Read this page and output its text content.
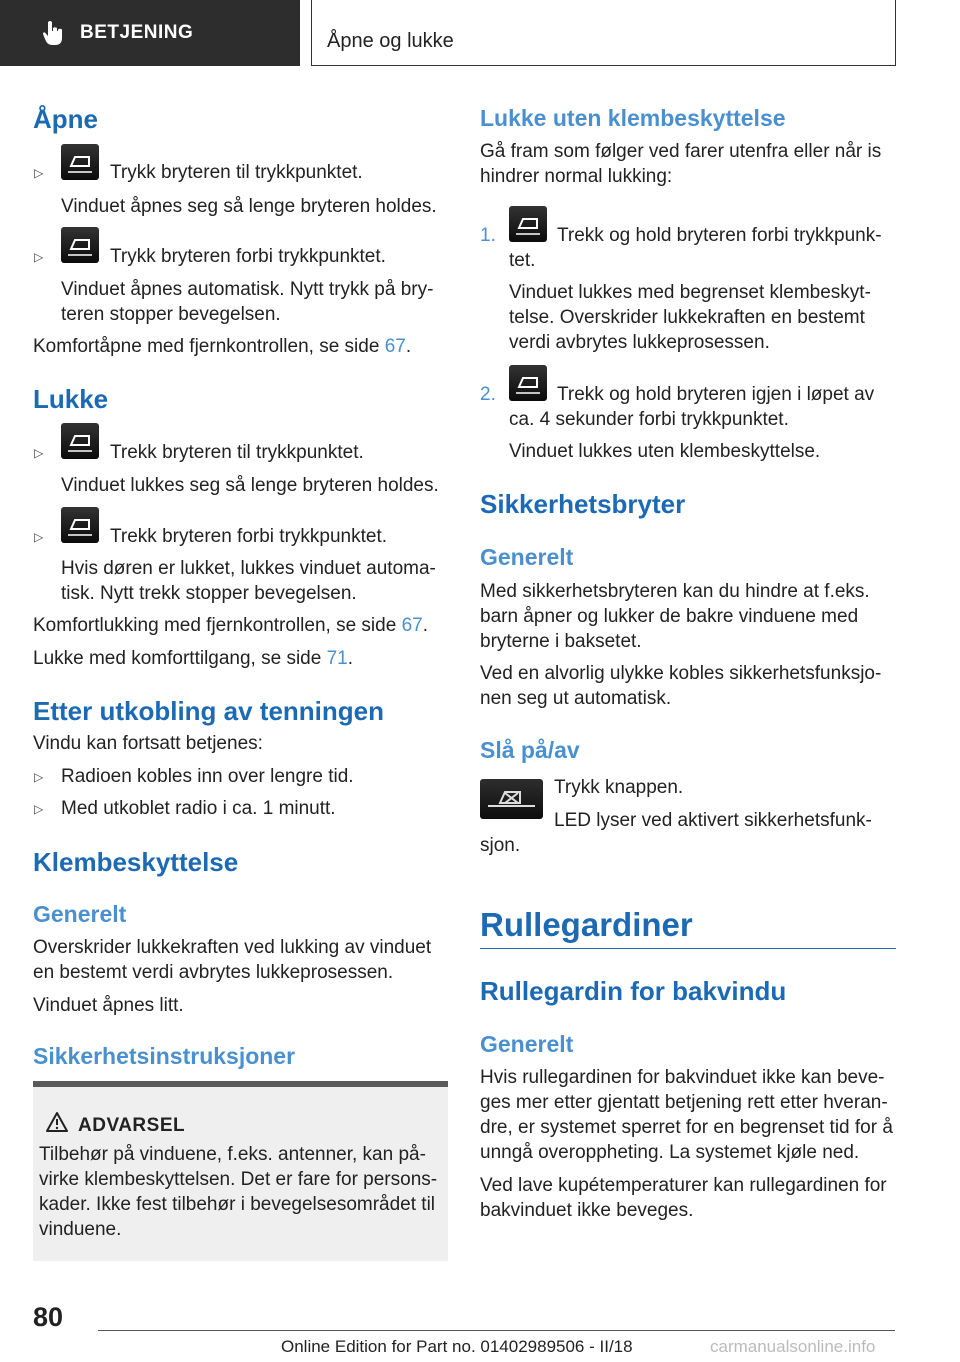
BETJENING	Åpne og lukke
Åpne
▷	Trykk bryteren til trykkpunktet.
Vinduet åpnes seg så lenge bryteren holdes.
▷	Trykk bryteren forbi trykkpunktet.
Vinduet åpnes automatisk. Nytt trykk på bry-
teren stopper bevegelsen.
Komfortåpne med fjernkontrollen, se side 67.
Lukke
▷	Trekk bryteren til trykkpunktet.
Vinduet lukkes seg så lenge bryteren holdes.
▷	Trekk bryteren forbi trykkpunktet.
Hvis døren er lukket, lukkes vinduet automa-
tisk. Nytt trekk stopper bevegelsen.
Komfortlukking med fjernkontrollen, se side 67.
Lukke med komforttilgang, se side 71.
Etter utkobling av tenningen
Vindu kan fortsatt betjenes:
▷ Radioen kobles inn over lengre tid.
▷ Med utkoblet radio i ca. 1 minutt.
Klembeskyttelse
Generelt
Overskrider lukkekraften ved lukking av vinduet
en bestemt verdi avbrytes lukkeprosessen.
Vinduet åpnes litt.
Sikkerhetsinstruksjoner
ADVARSEL
Tilbehør på vinduene, f.eks. antenner, kan på-
virke klembeskyttelsen. Det er fare for persons-
kader. Ikke fest tilbehør i bevegelsesområdet til
vinduene.
Lukke uten klembeskyttelse
Gå fram som følger ved farer utenfra eller når is
hindrer normal lukking:
1.	Trekk og hold bryteren forbi trykkpunk-
tet.
Vinduet lukkes med begrenset klembeskyt-
telse. Overskrider lukkekraften en bestemt
verdi avbrytes lukkeprosessen.
2.	Trekk og hold bryteren igjen i løpet av
ca. 4 sekunder forbi trykkpunktet.
Vinduet lukkes uten klembeskyttelse.
Sikkerhetsbryter
Generelt
Med sikkerhetsbryteren kan du hindre at f.eks.
barn åpner og lukker de bakre vinduene med
bryterne i baksetet.
Ved en alvorlig ulykke kobles sikkerhetsfunksjo-
nen seg ut automatisk.
Slå på/av
Trykk knappen.
LED lyser ved aktivert sikkerhetsfunk-
sjon.
Rullegardiner
Rullegardin for bakvindu
Generelt
Hvis rullegardinen for bakvinduet ikke kan beve-
ges mer etter gjentatt betjening rett etter hveran-
dre, er systemet sperret for en begrenset tid for å
unngå overoppheting. La systemet kjøle ned.
Ved lave kupétemperaturer kan rullegardinen for
bakvinduet ikke beveges.
80
Online Edition for Part no. 01402989506 - II/18	carmanualsonline.info
